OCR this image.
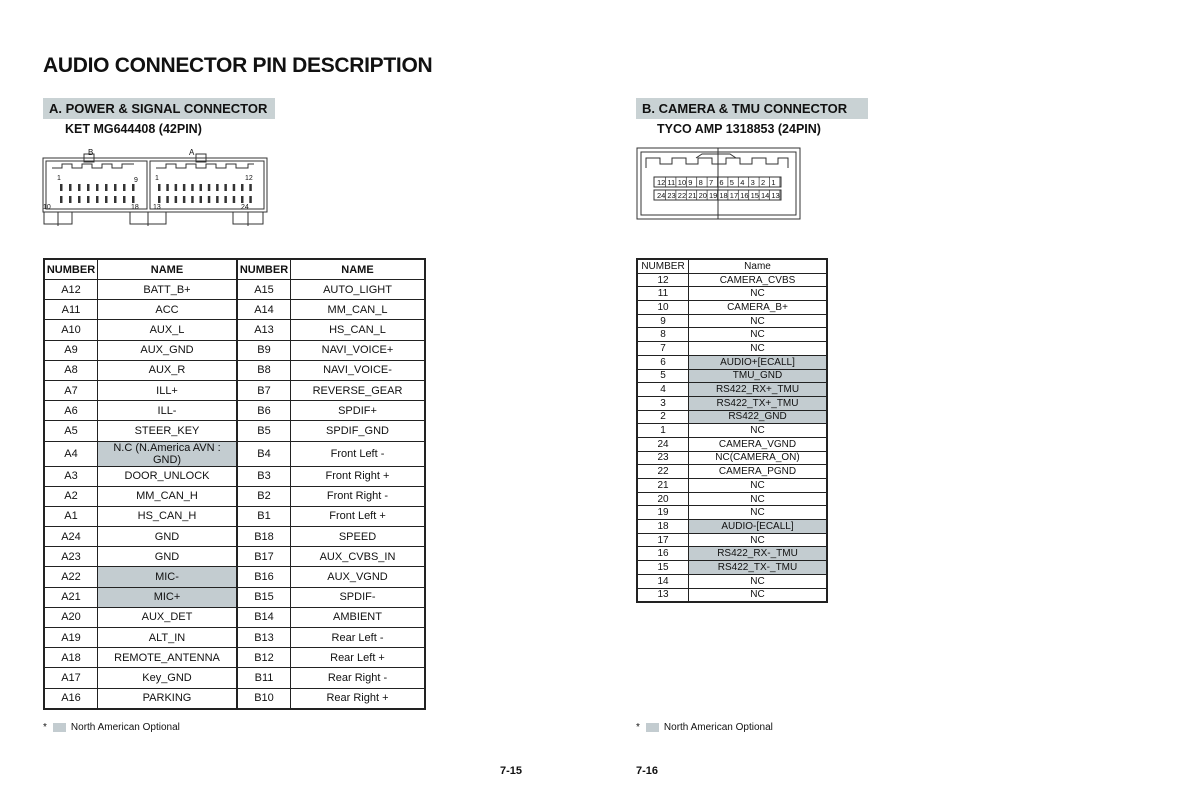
AUDIO CONNECTOR PIN DESCRIPTION
A. POWER & SIGNAL CONNECTOR
KET MG644408 (42PIN)
B	A
1	9
10	18
1	12
13	24
NUMBER	NAME	NUMBER	NAME
A12	BATT_B+	A15	AUTO_LIGHT
A11	ACC	A14	MM_CAN_L
A10	AUX_L	A13	HS_CAN_L
A9	AUX_GND	B9	NAVI_VOICE+
A8	AUX_R	B8	NAVI_VOICE-
A7	ILL+	B7	REVERSE_GEAR
A6	ILL-	B6	SPDIF+
A5	STEER_KEY	B5	SPDIF_GND
A4	N.C (N.America AVN : GND)	B4	Front Left -
A3	DOOR_UNLOCK	B3	Front Right +
A2	MM_CAN_H	B2	Front Right -
A1	HS_CAN_H	B1	Front Left +
A24	GND	B18	SPEED
A23	GND	B17	AUX_CVBS_IN
A22	MIC-	B16	AUX_VGND
A21	MIC+	B15	SPDIF-
A20	AUX_DET	B14	AMBIENT
A19	ALT_IN	B13	Rear Left -
A18	REMOTE_ANTENNA	B12	Rear Left +
A17	Key_GND	B11	Rear Right -
A16	PARKING	B10	Rear Right +
* North American Optional
7-15
B. CAMERA & TMU CONNECTOR
TYCO AMP 1318853 (24PIN)
12 11 10 9 8 7 6 5 4 3 2 1
24 23 22 21 20 19 18 17 16 15 14 13
NUMBER	Name
12	CAMERA_CVBS
11	NC
10	CAMERA_B+
9	NC
8	NC
7	NC
6	AUDIO+[ECALL]
5	TMU_GND
4	RS422_RX+_TMU
3	RS422_TX+_TMU
2	RS422_GND
1	NC
24	CAMERA_VGND
23	NC(CAMERA_ON)
22	CAMERA_PGND
21	NC
20	NC
19	NC
18	AUDIO-[ECALL]
17	NC
16	RS422_RX-_TMU
15	RS422_TX-_TMU
14	NC
13	NC
* North American Optional
7-16
